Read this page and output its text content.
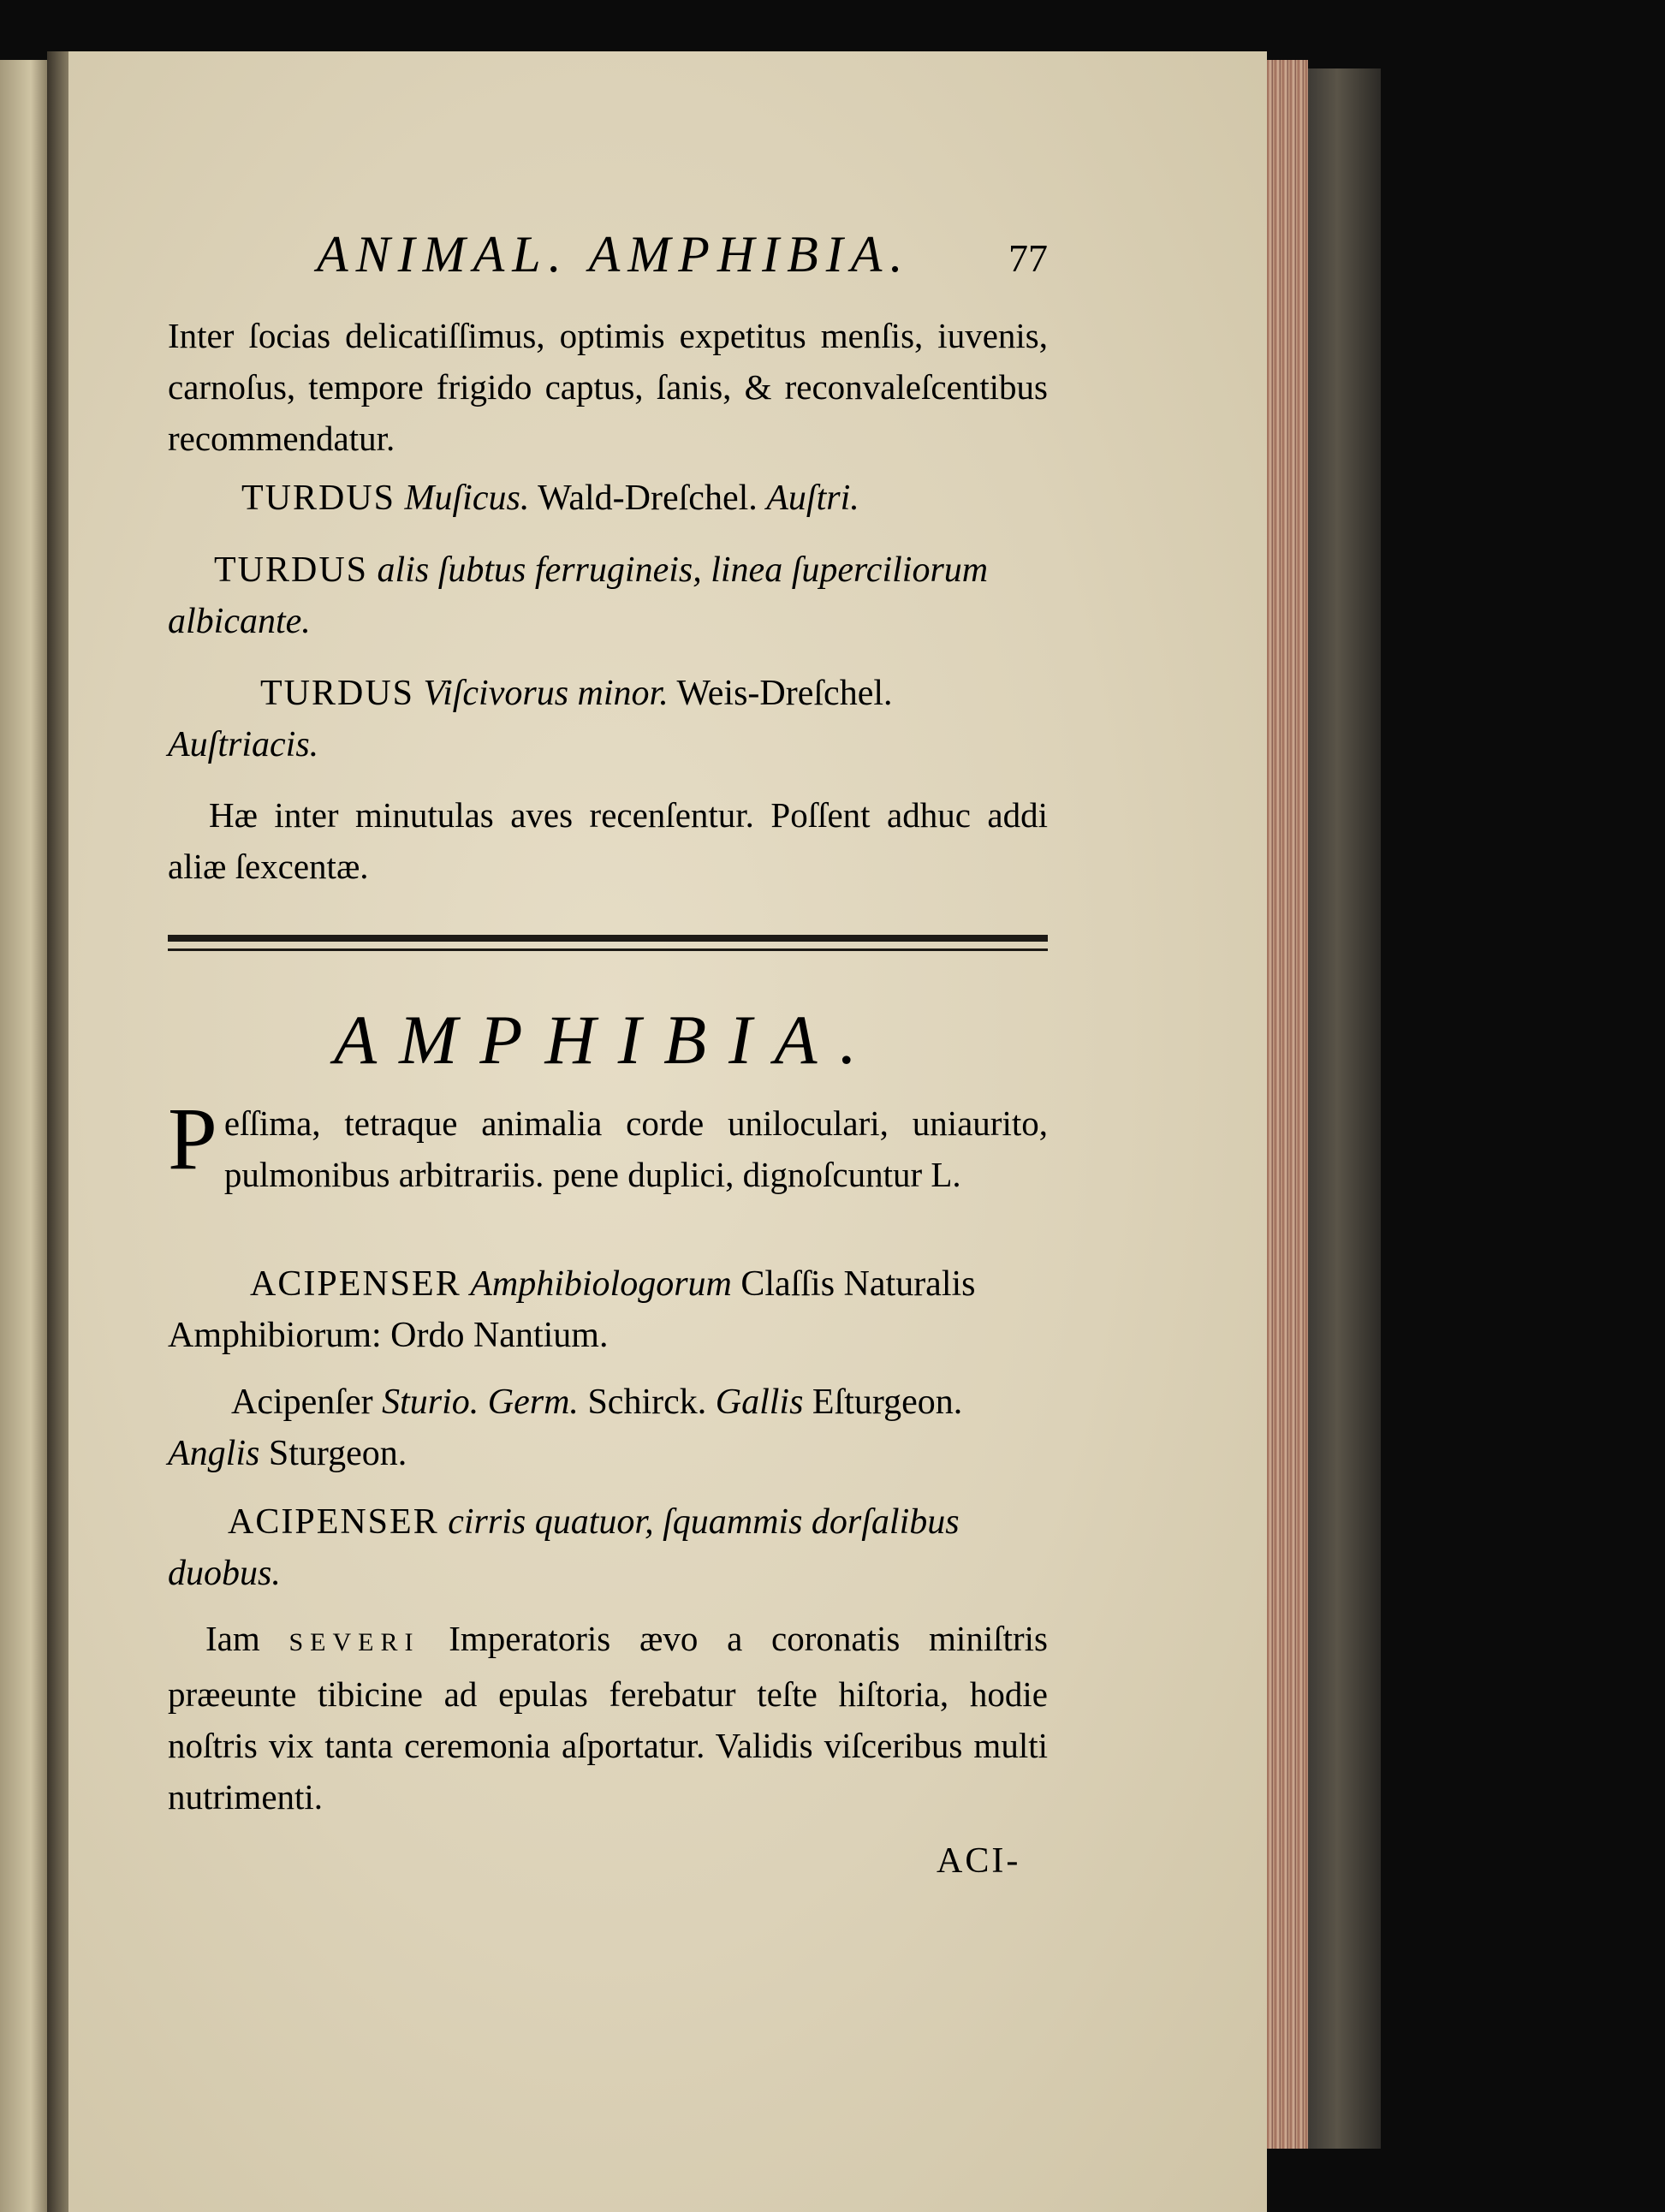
ANIMAL. AMPHIBIA.	77
Inter ſocias delicatiſſimus, optimis expetitus menſis, iuvenis, carnoſus, tempore frigido captus, ſanis, & reconvaleſcentibus recommendatur.
TURDUS Muſicus. Wald-Dreſchel. Auſtri.
TURDUS alis ſubtus ferrugineis, linea ſuperciliorum albicante.
TURDUS Viſcivorus minor. Weis-Dreſchel. Auſtriacis.
Hæ inter minutulas aves recenſentur. Poſſent adhuc addi aliæ ſexcentæ.
AMPHIBIA.
Peſſima, tetraque animalia corde uniloculari, uniaurito, pulmonibus arbitrariis. pene duplici, dignoſcuntur L.
ACIPENSER Amphibiologorum Claſſis Naturalis Amphibiorum: Ordo Nantium.
Acipenſer Sturio. Germ. Schirck. Gallis Eſturgeon. Anglis Sturgeon.
ACIPENSER cirris quatuor, ſquammis dorſalibus duobus.
Iam SEVERI Imperatoris ævo a coronatis miniſtris præeunte tibicine ad epulas ferebatur teſte hiſtoria, hodie noſtris vix tanta ceremonia aſportatur. Validis viſceribus multi nutrimenti.
ACI-
